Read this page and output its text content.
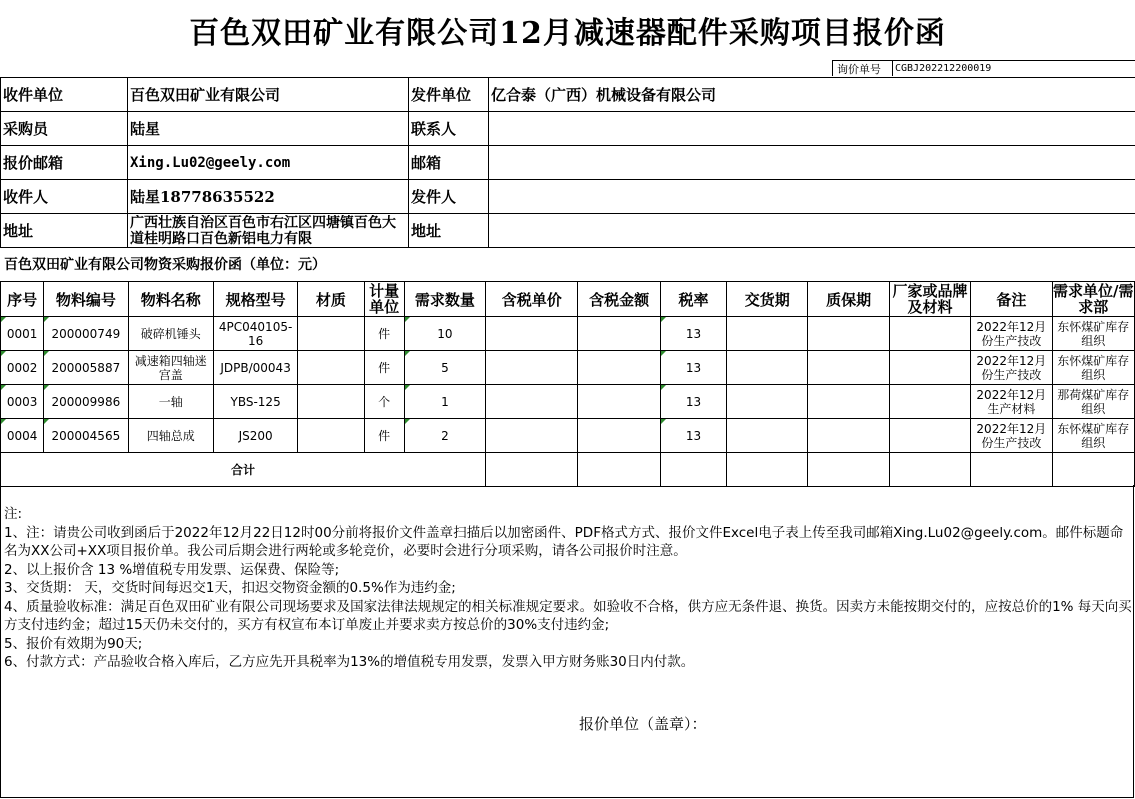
百色双田矿业有限公司12月减速器配件采购项目报价函
询价单号	CGBJ202212200019
收件单位	百色双田矿业有限公司	发件单位	亿合泰（广西）机械设备有限公司
采购员	陆星	联系人	
报价邮箱	Xing.Lu02@geely.com	邮箱	
收件人	陆星18778635522	发件人	
地址	广西壮族自治区百色市右江区四塘镇百色大道桂明路口百色新铝电力有限	地址	
百色双田矿业有限公司物资采购报价函（单位：元）
序号	物料编号	物料名称	规格型号	材质	计量单位	需求数量	含税单价	含税金额	税率	交货期	质保期	厂家或品牌及材料	备注	需求单位/需求部
0001	200000749	破碎机锤头	4PC040105-16		件	10			13				2022年12月份生产技改	东怀煤矿库存组织
0002	200005887	减速箱四轴迷宫盖	JDPB/00043		件	5			13				2022年12月份生产技改	东怀煤矿库存组织
0003	200009986	一轴	YBS-125		个	1			13				2022年12月生产材料	那荷煤矿库存组织
0004	200004565	四轴总成	JS200		件	2			13				2022年12月份生产技改	东怀煤矿库存组织
合计														
注:
1、注：请贵公司收到函后于2022年12月22日12时00分前将报价文件盖章扫描后以加密函件、PDF格式方式、报价文件Excel电子表上传至我司邮箱Xing.Lu02@geely.com。邮件标题命名为XX公司+XX项目报价单。我公司后期会进行两轮或多轮竞价，必要时会进行分项采购，请各公司报价时注意。
2、以上报价含 13 %增值税专用发票、运保费、保险等;
3、交货期： 天，交货时间每迟交1天，扣迟交物资金额的0.5%作为违约金;
4、质量验收标准：满足百色双田矿业有限公司现场要求及国家法律法规规定的相关标准规定要求。如验收不合格，供方应无条件退、换货。因卖方未能按期交付的，应按总价的1% 每天向买方支付违约金；超过15天仍未交付的，买方有权宣布本订单废止并要求卖方按总价的30%支付违约金;
5、报价有效期为90天;
6、付款方式：产品验收合格入库后，乙方应先开具税率为13%的增值税专用发票，发票入甲方财务账30日内付款。
报价单位（盖章）：
